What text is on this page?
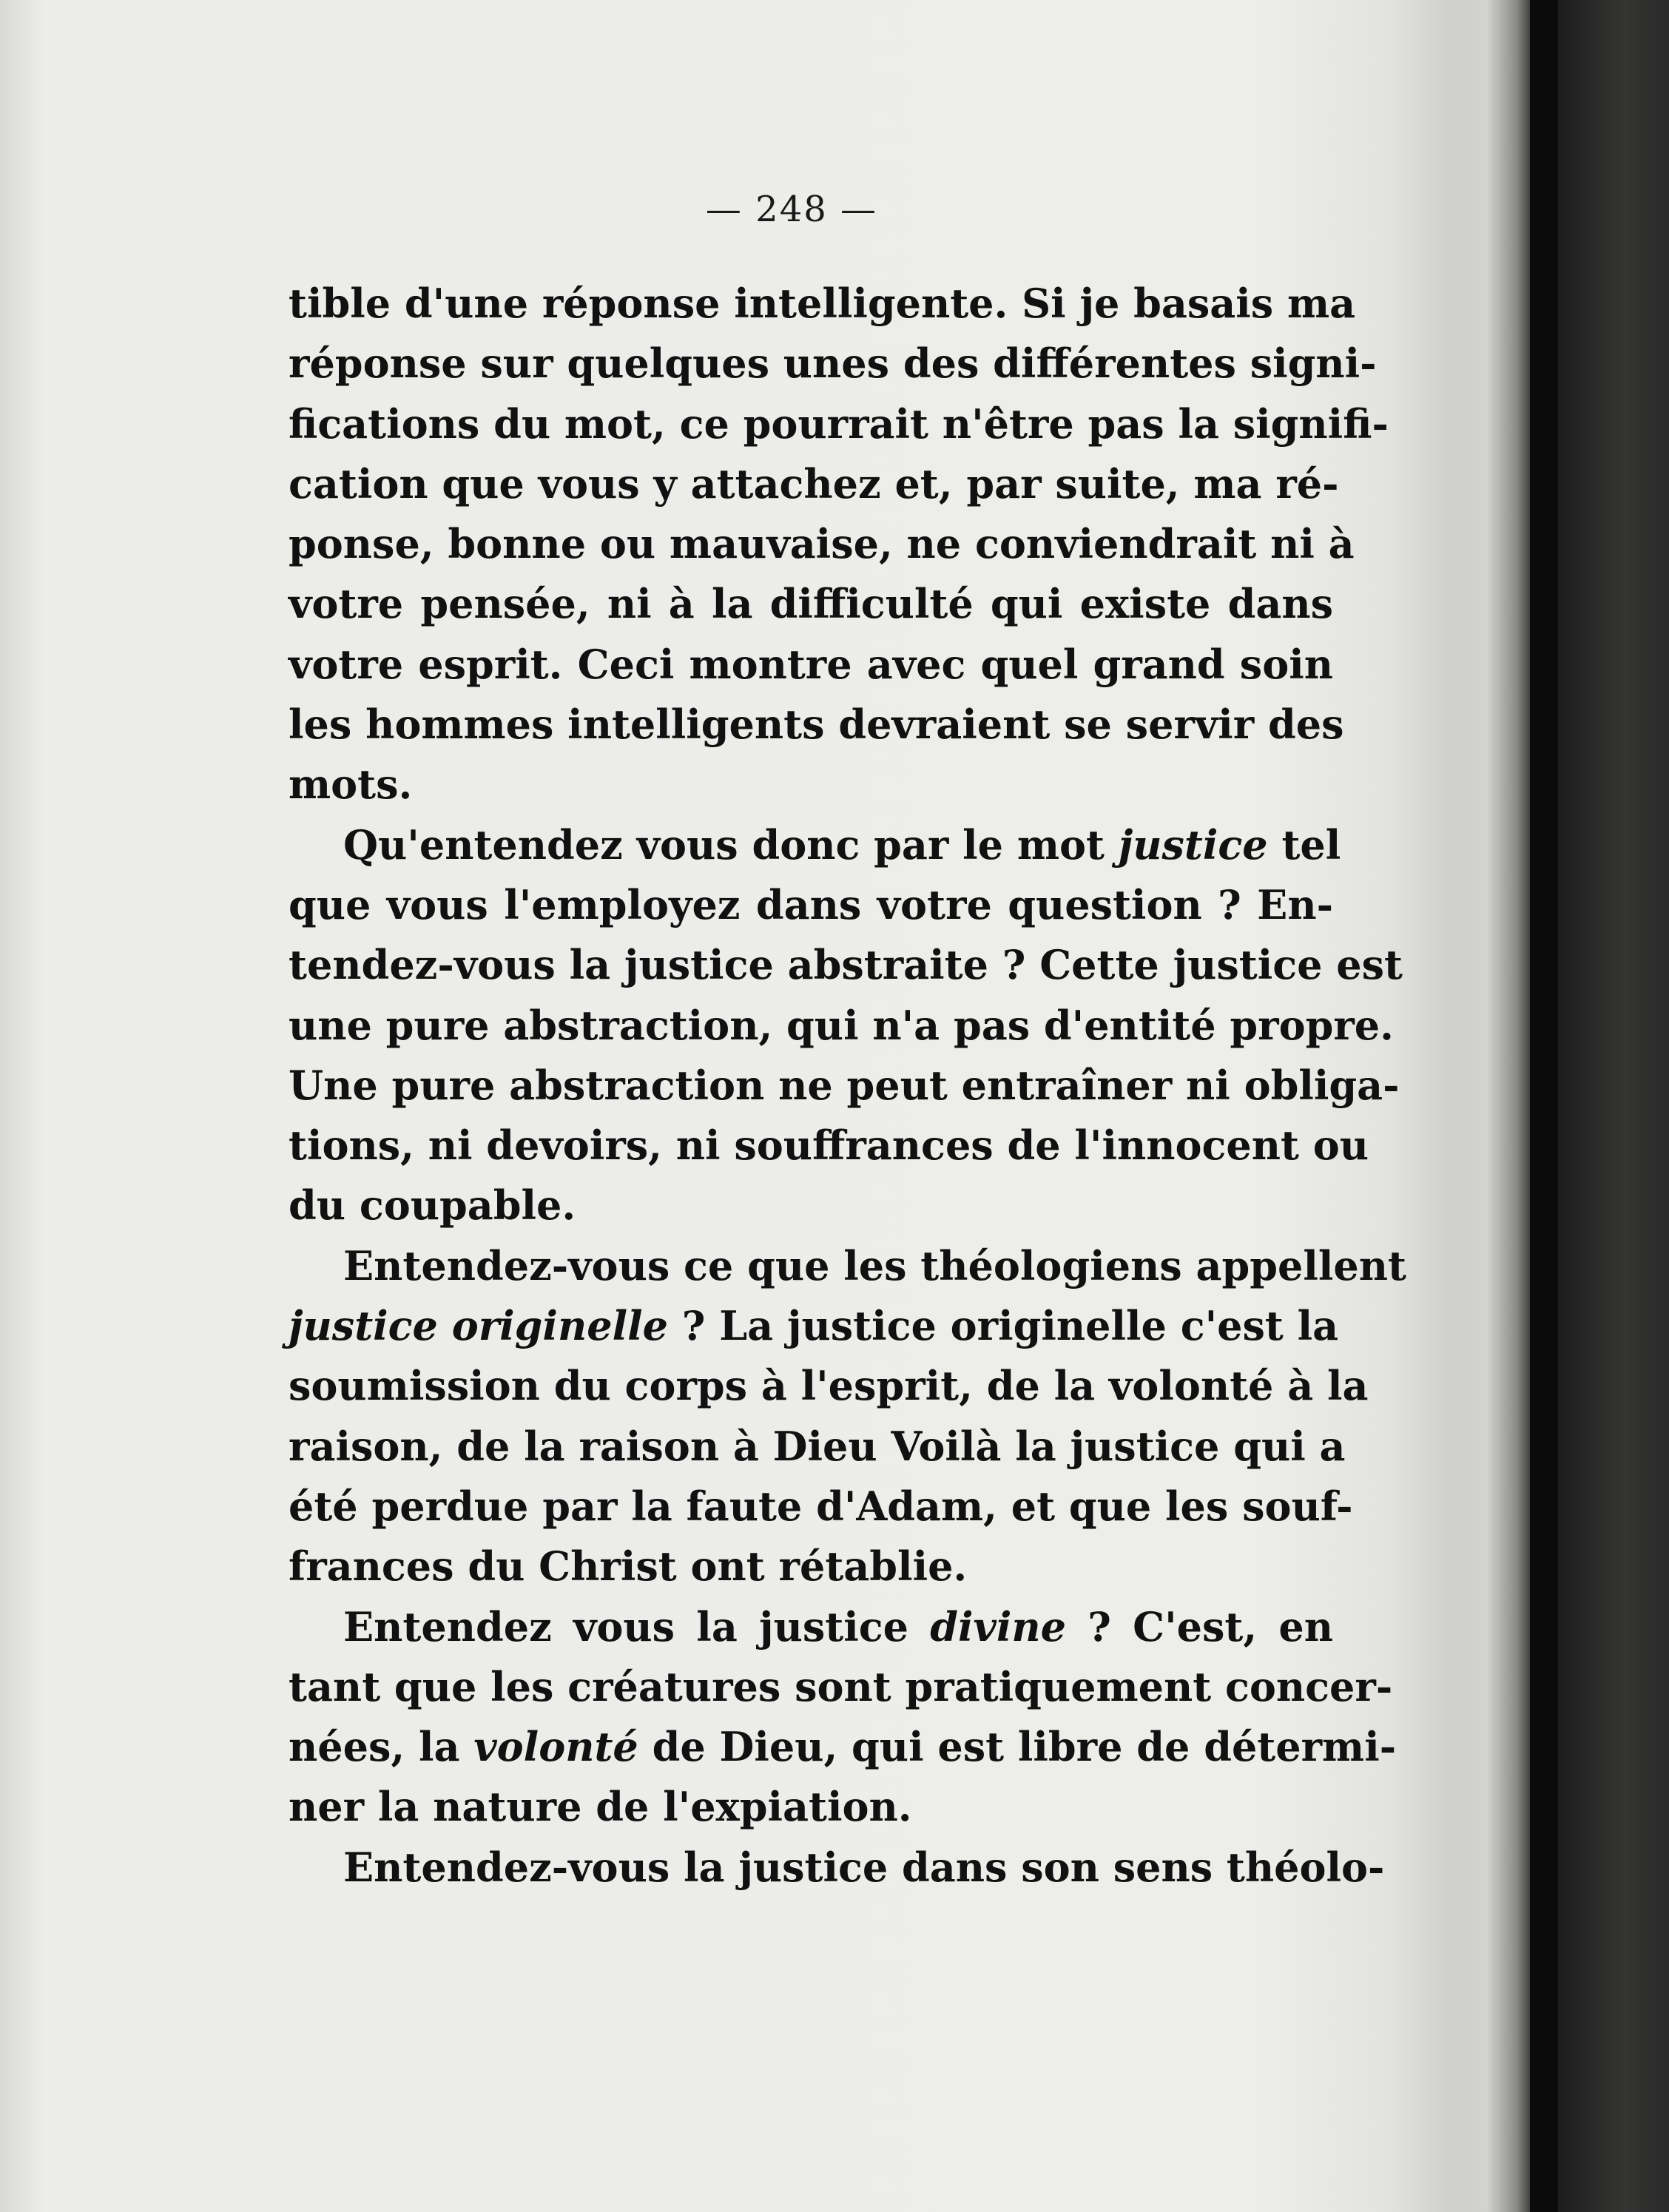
— 248 —
tible d'une réponse intelligente. Si je basais ma
réponse sur quelques unes des différentes signi-
fications du mot, ce pourrait n'être pas la signifi-
cation que vous y attachez et, par suite, ma ré-
ponse, bonne ou mauvaise, ne conviendrait ni à
votre pensée, ni à la difficulté qui existe dans
votre esprit. Ceci montre avec quel grand soin
les hommes intelligents devraient se servir des
mots.
Qu'entendez vous donc par le mot justice tel
que vous l'employez dans votre question ? En-
tendez-vous la justice abstraite ? Cette justice est
une pure abstraction, qui n'a pas d'entité propre.
Une pure abstraction ne peut entraîner ni obliga-
tions, ni devoirs, ni souffrances de l'innocent ou
du coupable.
Entendez-vous ce que les théologiens appellent
justice originelle ? La justice originelle c'est la
soumission du corps à l'esprit, de la volonté à la
raison, de la raison à Dieu Voilà la justice qui a
été perdue par la faute d'Adam, et que les souf-
frances du Christ ont rétablie.
Entendez vous la justice divine ? C'est, en
tant que les créatures sont pratiquement concer-
nées, la volonté de Dieu, qui est libre de détermi-
ner la nature de l'expiation.
Entendez-vous la justice dans son sens théolo-
